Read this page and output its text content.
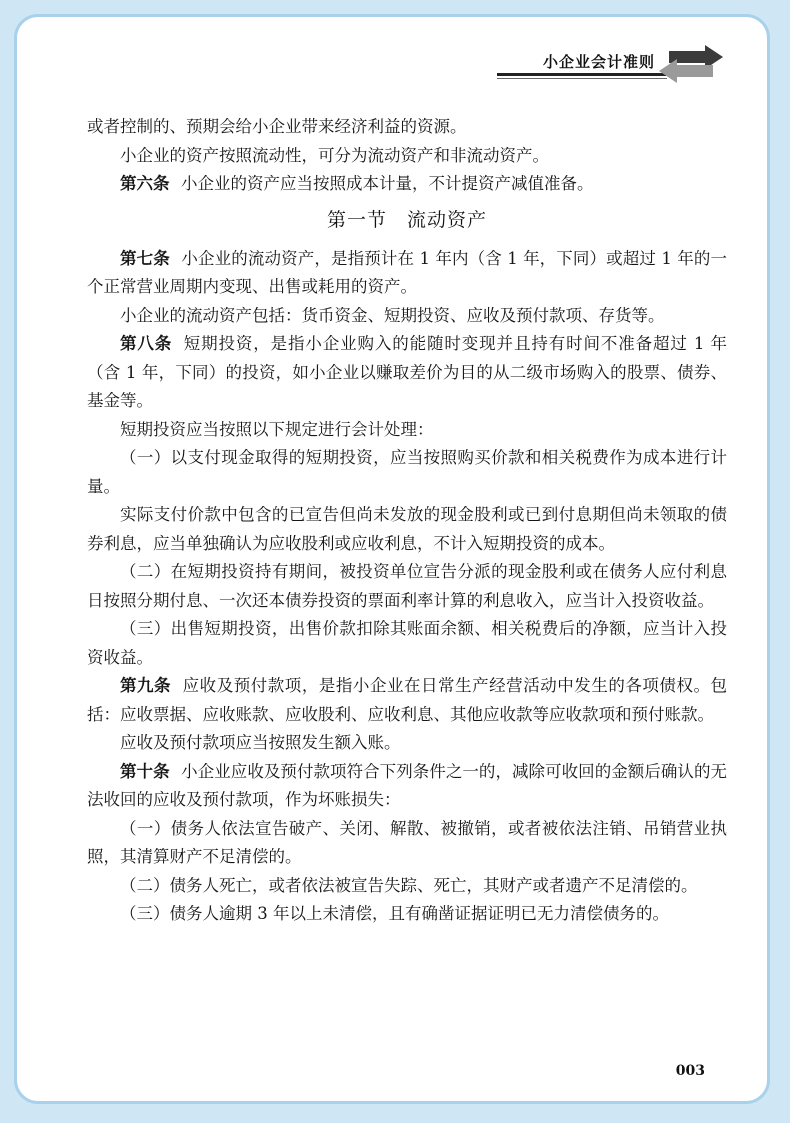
小企业会计准则

或者控制的、预期会给小企业带来经济利益的资源。

小企业的资产按照流动性，可分为流动资产和非流动资产。

第六条 小企业的资产应当按照成本计量，不计提资产减值准备。

第一节　流动资产

第七条 小企业的流动资产，是指预计在 1 年内（含 1 年，下同）或超过 1 年的一个正常营业周期内变现、出售或耗用的资产。

小企业的流动资产包括：货币资金、短期投资、应收及预付款项、存货等。

第八条 短期投资，是指小企业购入的能随时变现并且持有时间不准备超过 1 年（含 1 年，下同）的投资，如小企业以赚取差价为目的从二级市场购入的股票、债券、基金等。

短期投资应当按照以下规定进行会计处理：

（一）以支付现金取得的短期投资，应当按照购买价款和相关税费作为成本进行计量。

实际支付价款中包含的已宣告但尚未发放的现金股利或已到付息期但尚未领取的债券利息，应当单独确认为应收股利或应收利息，不计入短期投资的成本。

（二）在短期投资持有期间，被投资单位宣告分派的现金股利或在债务人应付利息日按照分期付息、一次还本债券投资的票面利率计算的利息收入，应当计入投资收益。

（三）出售短期投资，出售价款扣除其账面余额、相关税费后的净额，应当计入投资收益。

第九条 应收及预付款项，是指小企业在日常生产经营活动中发生的各项债权。包括：应收票据、应收账款、应收股利、应收利息、其他应收款等应收款项和预付账款。

应收及预付款项应当按照发生额入账。

第十条 小企业应收及预付款项符合下列条件之一的，减除可收回的金额后确认的无法收回的应收及预付款项，作为坏账损失：

（一）债务人依法宣告破产、关闭、解散、被撤销，或者被依法注销、吊销营业执照，其清算财产不足清偿的。

（二）债务人死亡，或者依法被宣告失踪、死亡，其财产或者遗产不足清偿的。

（三）债务人逾期 3 年以上未清偿，且有确凿证据证明已无力清偿债务的。

003
